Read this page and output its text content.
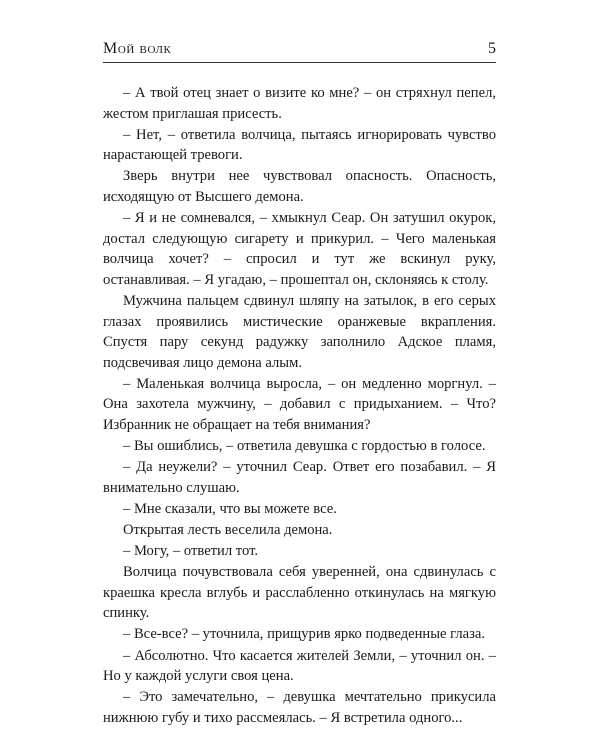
Мой волк	5

– А твой отец знает о визите ко мне? – он стряхнул пепел, жестом приглашая присесть.

– Нет, – ответила волчица, пытаясь игнорировать чувство нарастающей тревоги.

Зверь внутри нее чувствовал опасность. Опасность, исходящую от Высшего демона.

– Я и не сомневался, – хмыкнул Сеар. Он затушил окурок, достал следующую сигарету и прикурил. – Чего маленькая волчица хочет? – спросил и тут же вскинул руку, останавливая. – Я угадаю, – прошептал он, склоняясь к столу.

Мужчина пальцем сдвинул шляпу на затылок, в его серых глазах проявились мистические оранжевые вкрапления. Спустя пару секунд радужку заполнило Адское пламя, подсвечивая лицо демона алым.

– Маленькая волчица выросла, – он медленно моргнул. – Она захотела мужчину, – добавил с придыханием. – Что? Избранник не обращает на тебя внимания?

– Вы ошиблись, – ответила девушка с гордостью в голосе.

– Да неужели? – уточнил Сеар. Ответ его позабавил. – Я внимательно слушаю.

– Мне сказали, что вы можете все.

Открытая лесть веселила демона.

– Могу, – ответил тот.

Волчица почувствовала себя уверенней, она сдвинулась с краешка кресла вглубь и расслабленно откинулась на мягкую спинку.

– Все-все? – уточнила, прищурив ярко подведенные глаза.

– Абсолютно. Что касается жителей Земли, – уточнил он. – Но у каждой услуги своя цена.

– Это замечательно, – девушка мечтательно прикусила нижнюю губу и тихо рассмеялась. – Я встретила одного...
